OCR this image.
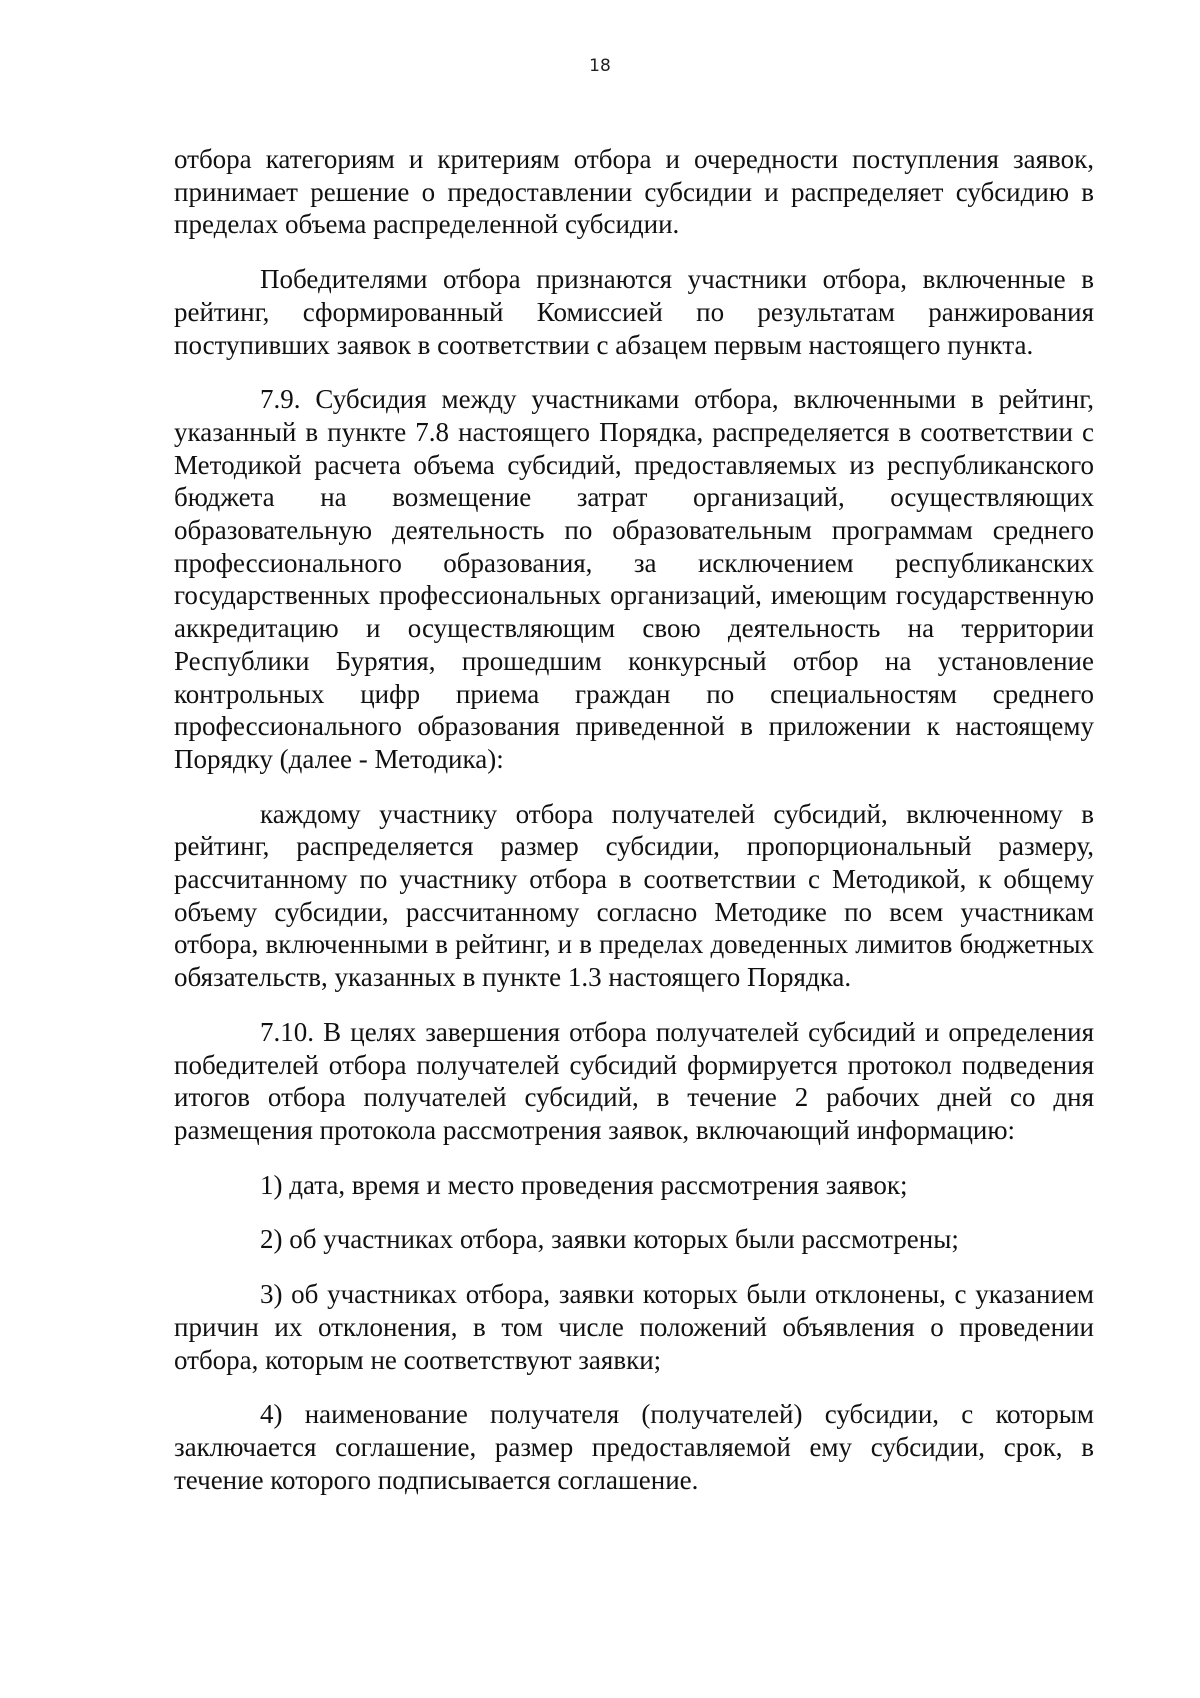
18

отбора категориям и критериям отбора и очередности поступления заявок, принимает решение о предоставлении субсидии и распределяет субсидию в пределах объема распределенной субсидии.

Победителями отбора признаются участники отбора, включенные в рейтинг, сформированный Комиссией по результатам ранжирования поступивших заявок в соответствии с абзацем первым настоящего пункта.

7.9. Субсидия между участниками отбора, включенными в рейтинг, указанный в пункте 7.8 настоящего Порядка, распределяется в соответствии с Методикой расчета объема субсидий, предоставляемых из республиканского бюджета на возмещение затрат организаций, осуществляющих образовательную деятельность по образовательным программам среднего профессионального образования, за исключением республиканских государственных профессиональных организаций, имеющим государственную аккредитацию и осуществляющим свою деятельность на территории Республики Бурятия, прошедшим конкурсный отбор на установление контрольных цифр приема граждан по специальностям среднего профессионального образования приведенной в приложении к настоящему Порядку (далее - Методика):

каждому участнику отбора получателей субсидий, включенному в рейтинг, распределяется размер субсидии, пропорциональный размеру, рассчитанному по участнику отбора в соответствии с Методикой, к общему объему субсидии, рассчитанному согласно Методике по всем участникам отбора, включенными в рейтинг, и в пределах доведенных лимитов бюджетных обязательств, указанных в пункте 1.3 настоящего Порядка.

7.10. В целях завершения отбора получателей субсидий и определения победителей отбора получателей субсидий формируется протокол подведения итогов отбора получателей субсидий, в течение 2 рабочих дней со дня размещения протокола рассмотрения заявок, включающий информацию:

1) дата, время и место проведения рассмотрения заявок;

2) об участниках отбора, заявки которых были рассмотрены;

3) об участниках отбора, заявки которых были отклонены, с указанием причин их отклонения, в том числе положений объявления о проведении отбора, которым не соответствуют заявки;

4) наименование получателя (получателей) субсидии, с которым заключается соглашение, размер предоставляемой ему субсидии, срок, в течение которого подписывается соглашение.
